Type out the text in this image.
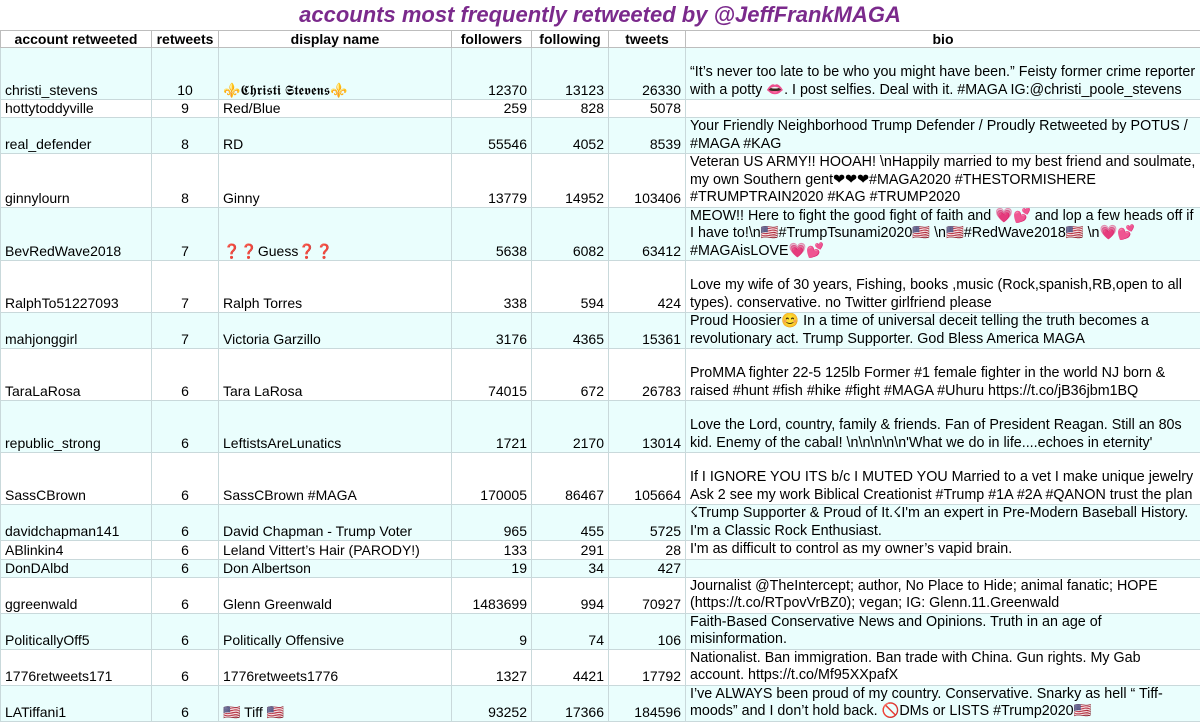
accounts most frequently retweeted by @JeffFrankMAGA
account retweeted	retweets	display name	followers	following	tweets	bio
christi_stevens	10	⚜️𝕮𝖍𝖗𝖎𝖘𝖙𝖎 𝕾𝖙𝖊𝖛𝖊𝖓𝖘⚜️	12370	13123	26330	“It’s never too late to be who you might have been.” Feisty former crime reporter with a potty 👄. I post selfies. Deal with it. #MAGA IG:@christi_poole_stevens
hottytoddyville	9	Red/Blue	259	828	5078	
real_defender	8	RD	55546	4052	8539	Your Friendly Neighborhood Trump Defender / Proudly Retweeted by POTUS / #MAGA #KAG
ginnylourn	8	Ginny	13779	14952	103406	Veteran US ARMY!! HOOAH! \nHappily married to my best friend and soulmate, my own Southern gent❤❤❤#MAGA2020 #THESTORMISHERE #TRUMPTRAIN2020 #KAG #TRUMP2020
BevRedWave2018	7	❓❓Guess❓❓	5638	6082	63412	MEOW!! Here to fight the good fight of faith and 💗💕 and lop a few heads off if I have to!\n🇺🇸#TrumpTsunami2020🇺🇸 \n🇺🇸#RedWave2018🇺🇸 \n💗💕#MAGAisLOVE💗💕
RalphTo51227093	7	Ralph Torres	338	594	424	Love my wife of 30 years, Fishing, books ,music (Rock,spanish,RB,open to all types). conservative. no Twitter girlfriend please
mahjonggirl	7	Victoria Garzillo	3176	4365	15361	Proud Hoosier😊 In a time of universal deceit telling the truth becomes a revolutionary act. Trump Supporter. God Bless America MAGA
TaraLaRosa	6	Tara LaRosa	74015	672	26783	ProMMA fighter 22-5 125lb Former #1 female fighter in the world NJ born & raised #hunt #fish #hike #fight #MAGA #Uhuru https://t.co/jB36jbm1BQ
republic_strong	6	LeftistsAreLunatics	1721	2170	13014	Love the Lord, country, family & friends. Fan of President Reagan. Still an 80s kid. Enemy of the cabal! \n\n\n\n\n'What we do in life....echoes in eternity'
SassCBrown	6	SassCBrown #MAGA	170005	86467	105664	If I IGNORE YOU ITS b/c I MUTED YOU Married to a vet I make unique jewelry Ask 2 see my work Biblical Creationist #Trump #1A #2A #QANON trust the plan
davidchapman141	6	David Chapman - Trump Voter	965	455	5725	☇Trump Supporter & Proud of It.☇I'm an expert in Pre-Modern Baseball History. I'm a Classic Rock Enthusiast.
ABlinkin4	6	Leland Vittert’s Hair (PARODY!)	133	291	28	I'm as difficult to control as my owner’s vapid brain.
DonDAlbd	6	Don Albertson	19	34	427	
ggreenwald	6	Glenn Greenwald	1483699	994	70927	Journalist @TheIntercept; author, No Place to Hide; animal fanatic; HOPE (https://t.co/RTpovVrBZ0); vegan; IG: Glenn.11.Greenwald
PoliticallyOff5	6	Politically Offensive	9	74	106	Faith-Based Conservative News and Opinions. Truth in an age of misinformation.
1776retweets171	6	1776retweets1776	1327	4421	17792	Nationalist. Ban immigration. Ban trade with China. Gun rights. My Gab account. https://t.co/Mf95XXpafX
LATiffani1	6	🇺🇸 Tiff 🇺🇸	93252	17366	184596	I’ve ALWAYS been proud of my country. Conservative. Snarky as hell “ Tiff-moods” and I don’t hold back. 🚫DMs or LISTS #Trump2020🇺🇸
